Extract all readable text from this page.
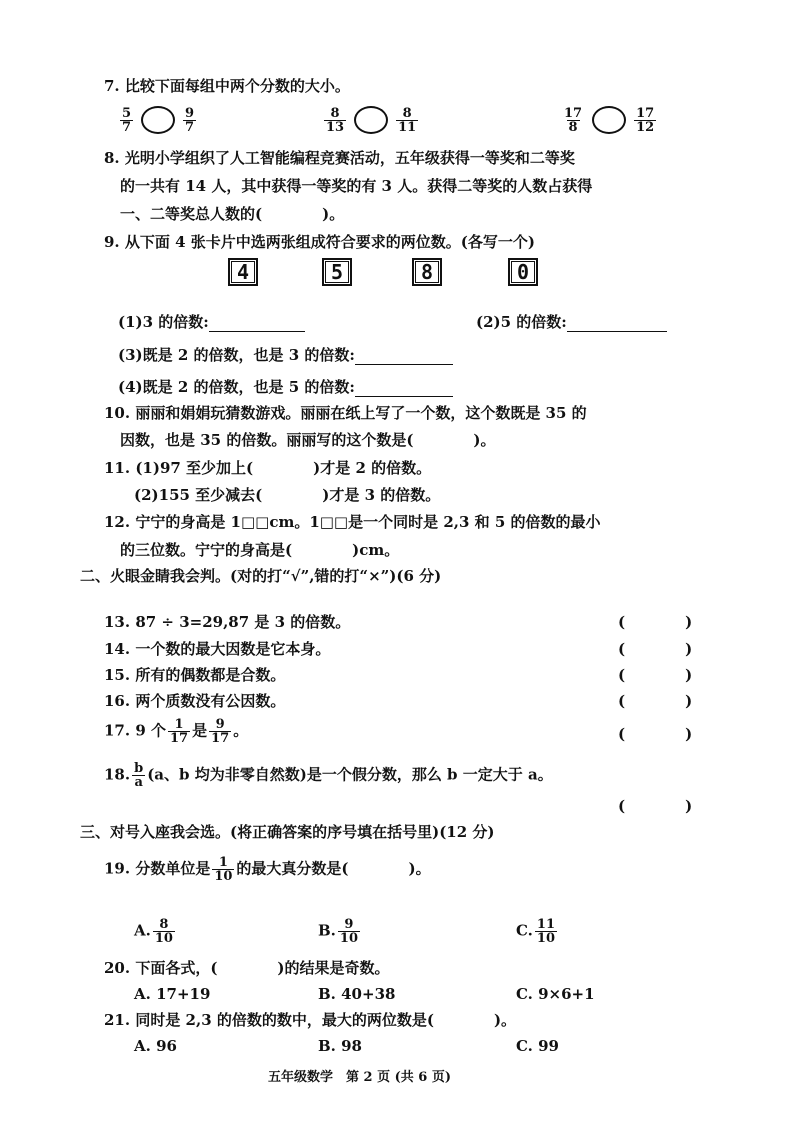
7. 比较下面每组中两个分数的大小。
$\frac{5}{7}$	$\frac{9}{7}$	$\frac{8}{13}$	$\frac{8}{11}$	$\frac{17}{8}$	$\frac{17}{12}$
8. 光明小学组织了人工智能编程竞赛活动，五年级获得一等奖和二等奖
的一共有 14 人，其中获得一等奖的有 3 人。获得二等奖的人数占获得
一、二等奖总人数的(　　　　)。
9. 从下面 4 张卡片中选两张组成符合要求的两位数。(各写一个)
4	5	8	0
(1)3 的倍数:	(2)5 的倍数:
(3)既是 2 的倍数，也是 3 的倍数:
(4)既是 2 的倍数，也是 5 的倍数:
10. 丽丽和娟娟玩猜数游戏。丽丽在纸上写了一个数，这个数既是 35 的
因数，也是 35 的倍数。丽丽写的这个数是(　　　　)。
11. (1)97 至少加上(　　　　)才是 2 的倍数。
(2)155 至少减去(　　　　)才是 3 的倍数。
12. 宁宁的身高是 1□□cm。1□□是一个同时是 2,3 和 5 的倍数的最小
的三位数。宁宁的身高是(　　　　)cm。
二、火眼金睛我会判。(对的打“√”,错的打“×”)(6 分)
13. 87 ÷ 3=29,87 是 3 的倍数。	(　　　　)
14. 一个数的最大因数是它本身。	(　　　　)
15. 所有的偶数都是合数。	(　　　　)
16. 两个质数没有公因数。	(　　　　)
17. 9 个 $\frac{1}{17}$ 是 $\frac{9}{17}$ 。	(　　　　)
18. $\frac{b}{a} (a$、b 均为非零自然数)是一个假分数，那么 b 一定大于 a。
(　　　　)
三、对号入座我会选。(将正确答案的序号填在括号里)(12 分)
19. 分数单位是 $\frac{1}{10}$ 的最大真分数是(　　　　)。
A. $\frac{8}{10}$	B. $\frac{9}{10}$	C. $\frac{11}{10}$
20. 下面各式，(　　　　)的结果是奇数。
A. 17+19	B. 40+38	C. 9×6+1
21. 同时是 2,3 的倍数的数中，最大的两位数是(　　　　)。
A. 96	B. 98	C. 99
五年级数学　第 2 页 (共 6 页)
